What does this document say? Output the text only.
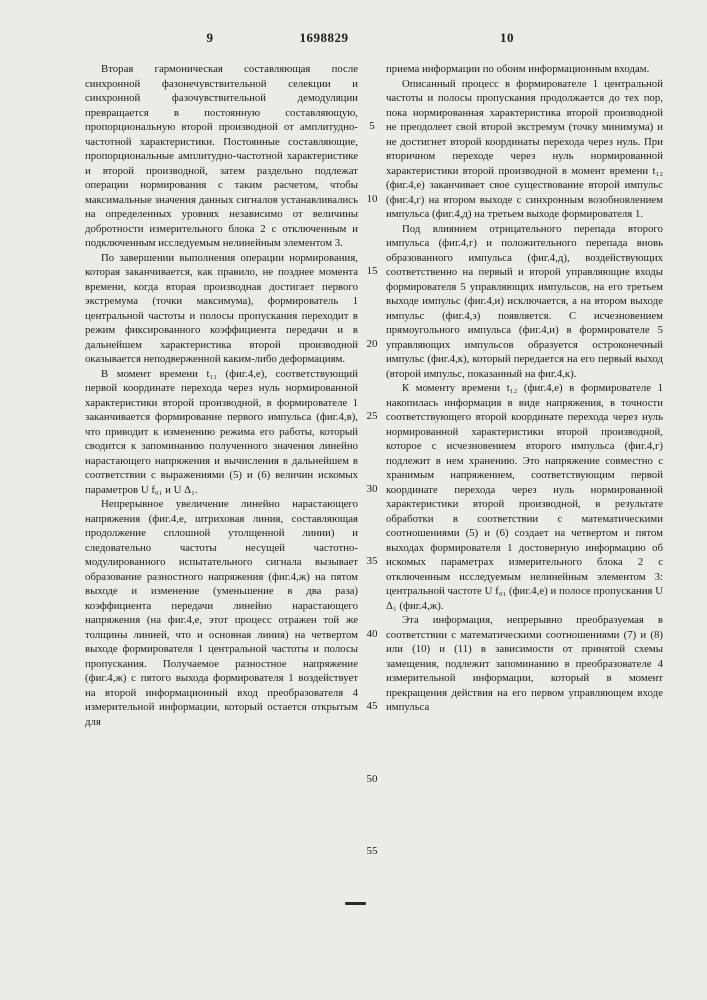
9	1698829	10

Вторая гармоническая составляющая после синхронной фазонечувствительной селекции и синхронной фазочувствительной демодуляции превращается в постоянную составляющую, пропорциональную второй производной от амплитудно-частотной характеристики. Постоянные составляющие, пропорциональные амплитудно-частотной характеристике и второй производной, затем раздельно подлежат операции нормирования с таким расчетом, чтобы максимальные значения данных сигналов устанавливались на определенных уровнях независимо от величины добротности измерительного блока 2 с отключенным и подключенным исследуемым нелинейным элементом 3.

По завершении выполнения операции нормирования, которая заканчивается, как правило, не позднее момента времени, когда вторая производная достигает первого экстремума (точки максимума), формирователь 1 центральной частоты и полосы пропускания переходит в режим фиксированного коэффициента передачи и в дальнейшем характеристика второй производной оказывается неподверженной каким-либо деформациям.

В момент времени t₁₁ (фиг.4,е), соответствующий первой координате перехода через нуль нормированной характеристики второй производной, в формирователе 1 заканчивается формирование первого импульса (фиг.4,в), что приводит к изменению режима его работы, который сводится к запоминанию полученного значения линейно нарастающего напряжения и вычисления в дальнейшем в соответствии с выражениями (5) и (6) величин искомых параметров U f₀₁ и U Δ₁.

Непрерывное увеличение линейно нарастающего напряжения (фиг.4,е, штриховая линия, составляющая продолжение сплошной утолщенной линии) и следовательно частоты несущей частотно-модулированного испытательного сигнала вызывает образование разностного напряжения (фиг.4,ж) на пятом выходе и изменение (уменьшение в два раза) коэффициента передачи линейно нарастающего напряжения (на фиг.4,е, этот процесс отражен той же толщины линией, что и основная линия) на четвертом выходе формирователя 1 центральной частоты и полосы пропускания. Получаемое разностное напряжение (фиг.4,ж) с пятого выхода формирователя 1 воздействует на второй информационный вход преобразователя 4 измерительной информации, который остается открытым для

5
10
15
20
25
30
35
40
45
50
55

приема информации по обоим информационным входам.

Описанный процесс в формирователе 1 центральной частоты и полосы пропускания продолжается до тех пор, пока нормированная характеристика второй производной не преодолеет свой второй экстремум (точку минимума) и не достигнет второй координаты перехода через нуль. При вторичном переходе через нуль нормированной характеристики второй производной в момент времени t₁₂ (фиг.4,е) заканчивает свое существование второй импульс (фиг.4,г) на втором выходе с синхронным возобновлением импульса (фиг.4,д) на третьем выходе формирователя 1.

Под влиянием отрицательного перепада второго импульса (фиг.4,г) и положительного перепада вновь образованного импульса (фиг.4,д), воздействующих соответственно на первый и второй управляющие входы формирователя 5 управляющих импульсов, на его третьем выходе импульс (фиг.4,и) исключается, а на втором выходе импульс (фиг.4,з) появляется. С исчезновением прямоугольного импульса (фиг.4,и) в формирователе 5 управляющих импульсов образуется остроконечный импульс (фиг.4,к), который передается на его первый выход (второй импульс, показанный на фиг.4,к).

К моменту времени t₁₂ (фиг.4,е) в формирователе 1 накопилась информация в виде напряжения, в точности соответствующего второй координате перехода через нуль нормированной характеристики второй производной, которое с исчезновением второго импульса (фиг.4,г) подлежит в нем хранению. Это напряжение совместно с хранимым напряжением, соответствующим первой координате перехода через нуль нормированной характеристики второй производной, в результате обработки в соответствии с математическими соотношениями (5) и (6) создает на четвертом и пятом выходах формирователя 1 достоверную информацию об искомых параметрах измерительного блока 2 с отключенным исследуемым нелинейным элементом 3: центральной частоте U f₀₁ (фиг.4,е) и полосе пропускания U Δ₁ (фиг.4,ж).

Эта информация, непрерывно преобразуемая в соответствии с математическими соотношениями (7) и (8) или (10) и (11) в зависимости от принятой схемы замещения, подлежит запоминанию в преобразователе 4 измерительной информации, который в момент прекращения действия на его первом управляющем входе импульса
